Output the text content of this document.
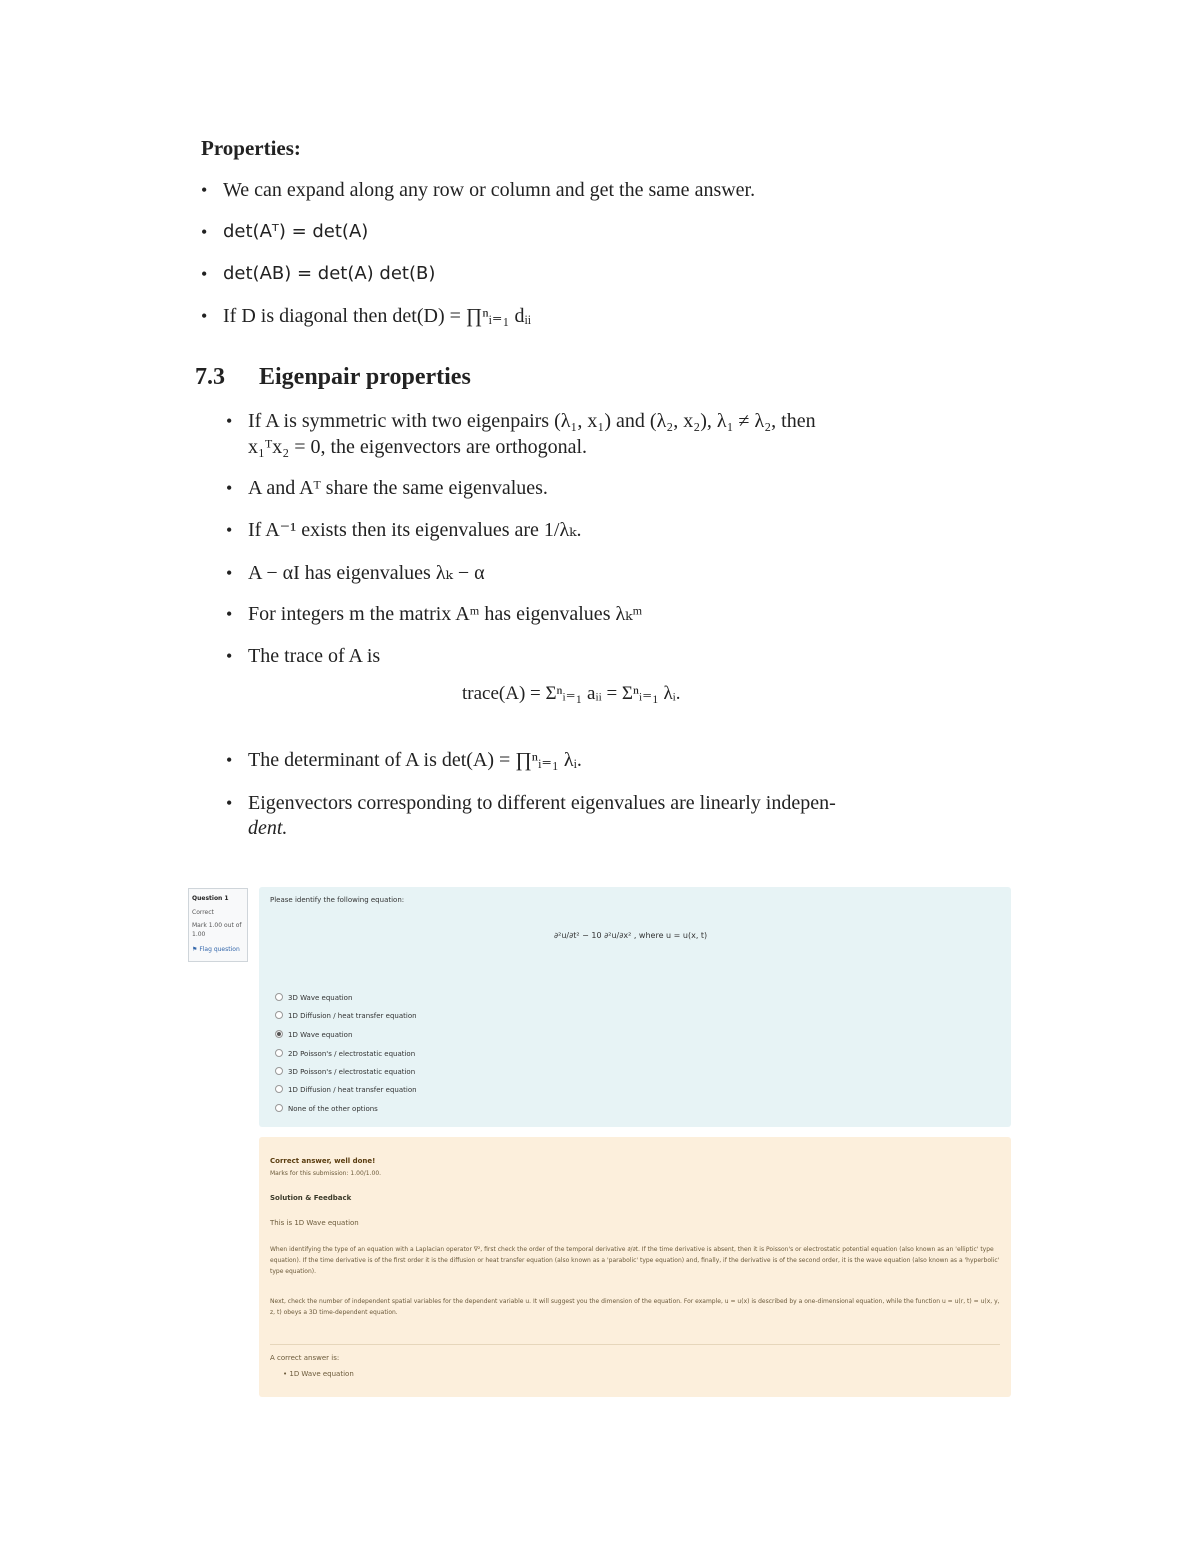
Properties:
• We can expand along any row or column and get the same answer.
• det(Aᵀ) = det(A)
• det(AB) = det(A) det(B)
• If D is diagonal then det(D) = ∏ⁿᵢ₌₁ dᵢᵢ
7.3 Eigenpair properties
• If A is symmetric with two eigenpairs (λ₁, x₁) and (λ₂, x₂), λ₁ ≠ λ₂, then
x₁ᵀx₂ = 0, the eigenvectors are orthogonal.
• A and Aᵀ share the same eigenvalues.
• If A⁻¹ exists then its eigenvalues are 1/λₖ.
• A − αI has eigenvalues λₖ − α
• For integers m the matrix Aᵐ has eigenvalues λₖᵐ
• The trace of A is
trace(A) = Σⁿᵢ₌₁ aᵢᵢ = Σⁿᵢ₌₁ λᵢ.
• The determinant of A is det(A) = ∏ⁿᵢ₌₁ λᵢ.
• Eigenvectors corresponding to different eigenvalues are linearly indepen-
dent.
Question 1
Correct
Mark 1.00 out of
1.00
⚑ Flag question
Please identify the following equation:
∂²u/∂t² − 10 ∂²u/∂x² , where u = u(x, t)
3D Wave equation
1D Diffusion / heat transfer equation
1D Wave equation
2D Poisson's / electrostatic equation
3D Poisson's / electrostatic equation
1D Diffusion / heat transfer equation
None of the other options
Correct answer, well done!
Marks for this submission: 1.00/1.00.
Solution & Feedback
This is 1D Wave equation
When identifying the type of an equation with a Laplacian operator ∇², first check the order of the temporal derivative ∂/∂t. If the time derivative is absent, then it is Poisson's or electrostatic potential equation (also known as an 'elliptic' type equation). If the time derivative is of the first order it is the diffusion or heat transfer equation (also known as a 'parabolic' type equation) and, finally, if the derivative is of the second order, it is the wave equation (also known as a 'hyperbolic' type equation).
Next, check the number of independent spatial variables for the dependent variable u. It will suggest you the dimension of the equation. For example, u = u(x) is described by a one-dimensional equation, while the function u = u(r, t) = u(x, y, z, t) obeys a 3D time-dependent equation.
A correct answer is:
• 1D Wave equation
